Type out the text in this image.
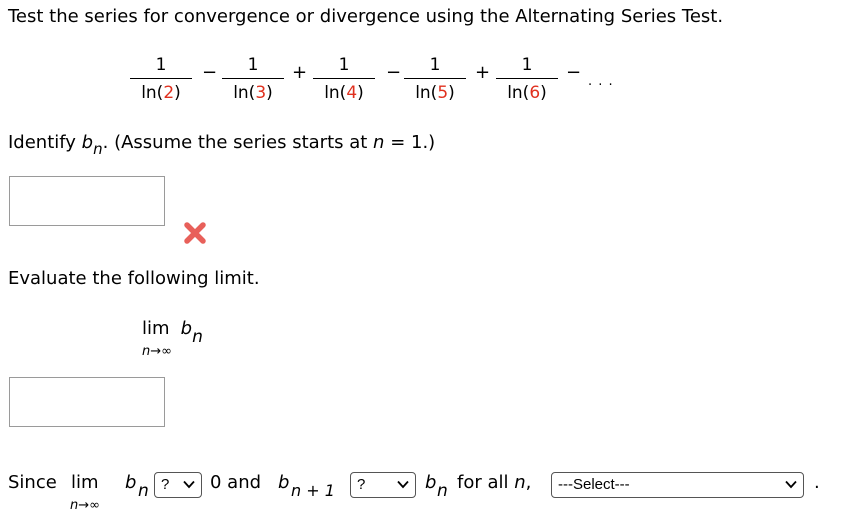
Test the series for convergence or divergence using the Alternating Series Test.
1
ln(2)
−	1
ln(3)
+	1
ln(4)
−	1
ln(5)
+	1
ln(6)
− . . .
Identify $b_n$. (Assume the series starts at n = 1.)
Evaluate the following limit.
lim bn
n→∞
Since lim
n→∞
b n ?	0 and b n + 1	?	b n for all n,	---Select---	.
